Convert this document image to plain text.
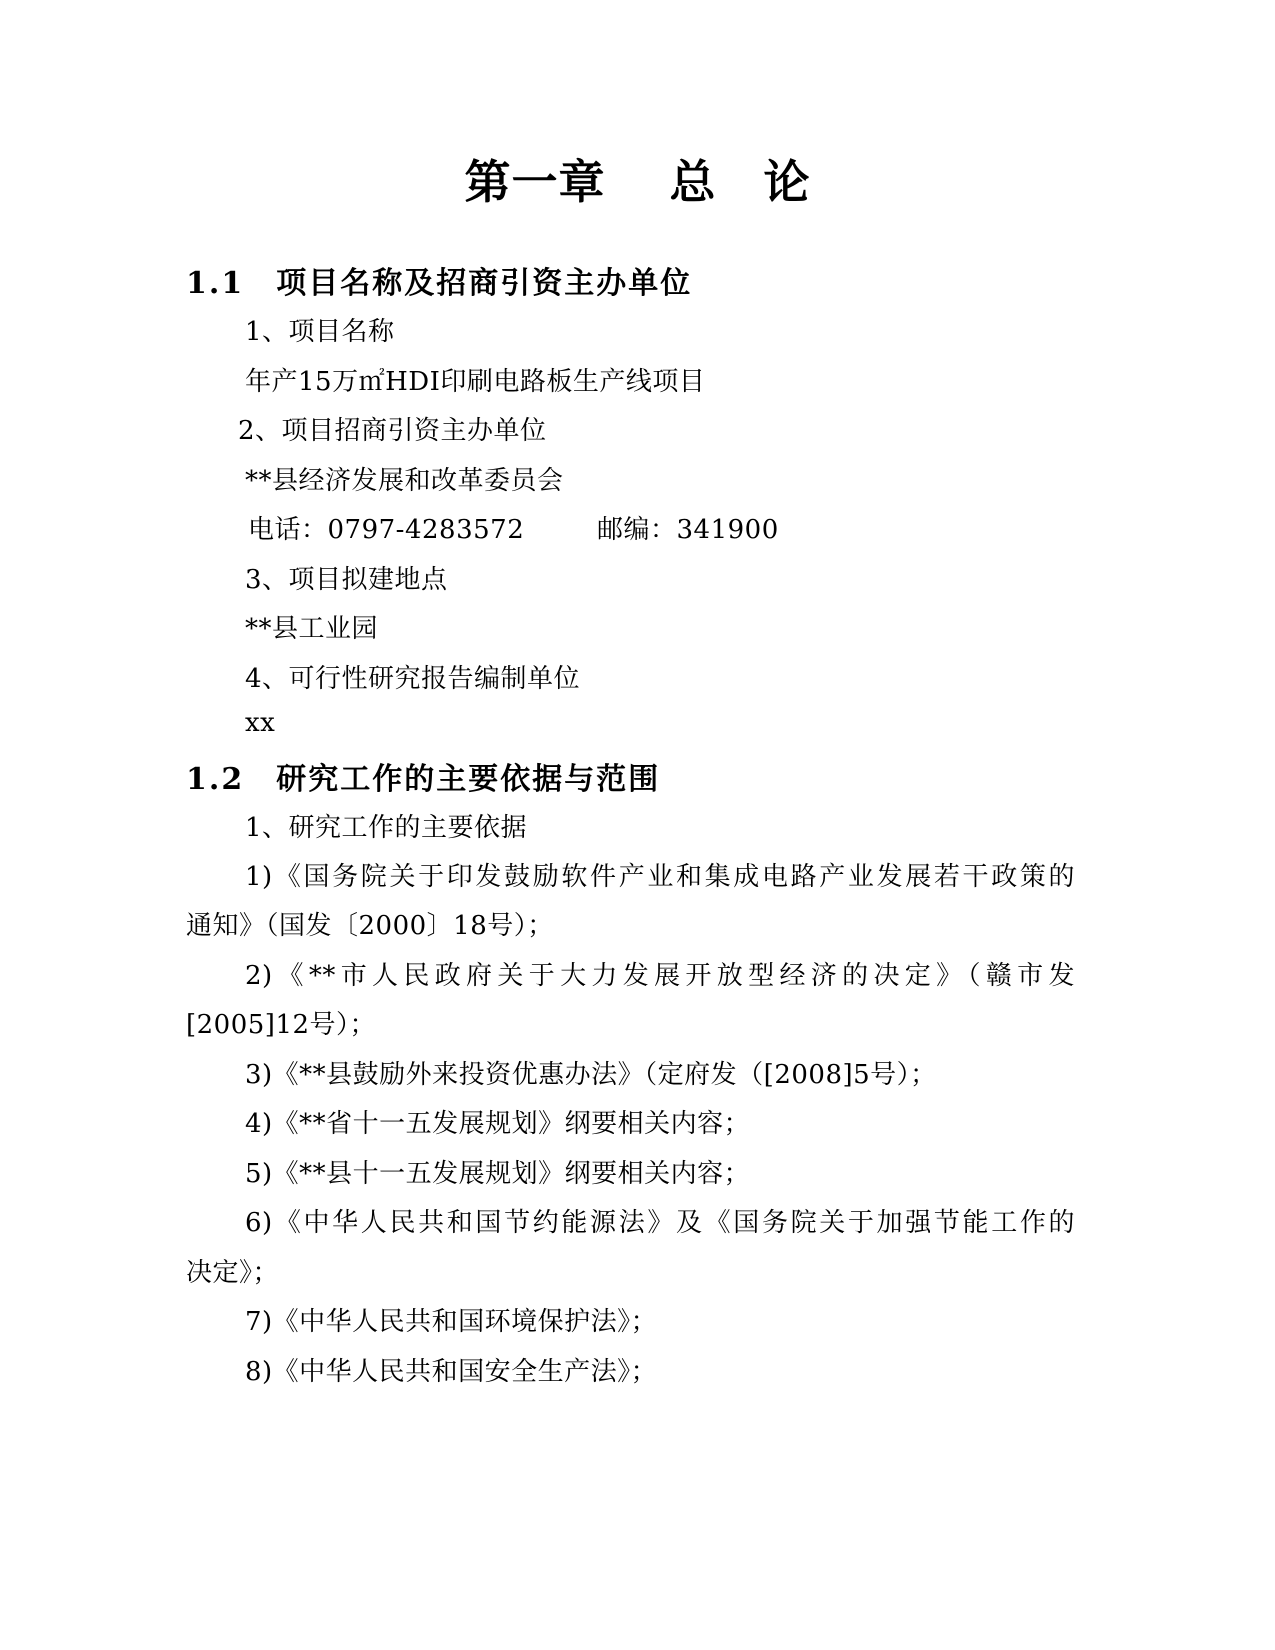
第一章　 总　论
1.1　项目名称及招商引资主办单位
1、项目名称
年产15万㎡HDI印刷电路板生产线项目
2、项目招商引资主办单位
**县经济发展和改革委员会
电话：0797-4283572	邮编：341900
3、项目拟建地点
**县工业园
4、可行性研究报告编制单位
xx
1.2　研究工作的主要依据与范围
1、研究工作的主要依据
1)《国务院关于印发鼓励软件产业和集成电路产业发展若干政策的
通知》（国发〔2000〕18号）；
2)《**市人民政府关于大力发展开放型经济的决定》（赣市发
[2005]12号）；
3)《**县鼓励外来投资优惠办法》（定府发（[2008]5号）；
4)《**省十一五发展规划》纲要相关内容；
5)《**县十一五发展规划》纲要相关内容；
6)《中华人民共和国节约能源法》及《国务院关于加强节能工作的
决定》；
7)《中华人民共和国环境保护法》；
8)《中华人民共和国安全生产法》；
